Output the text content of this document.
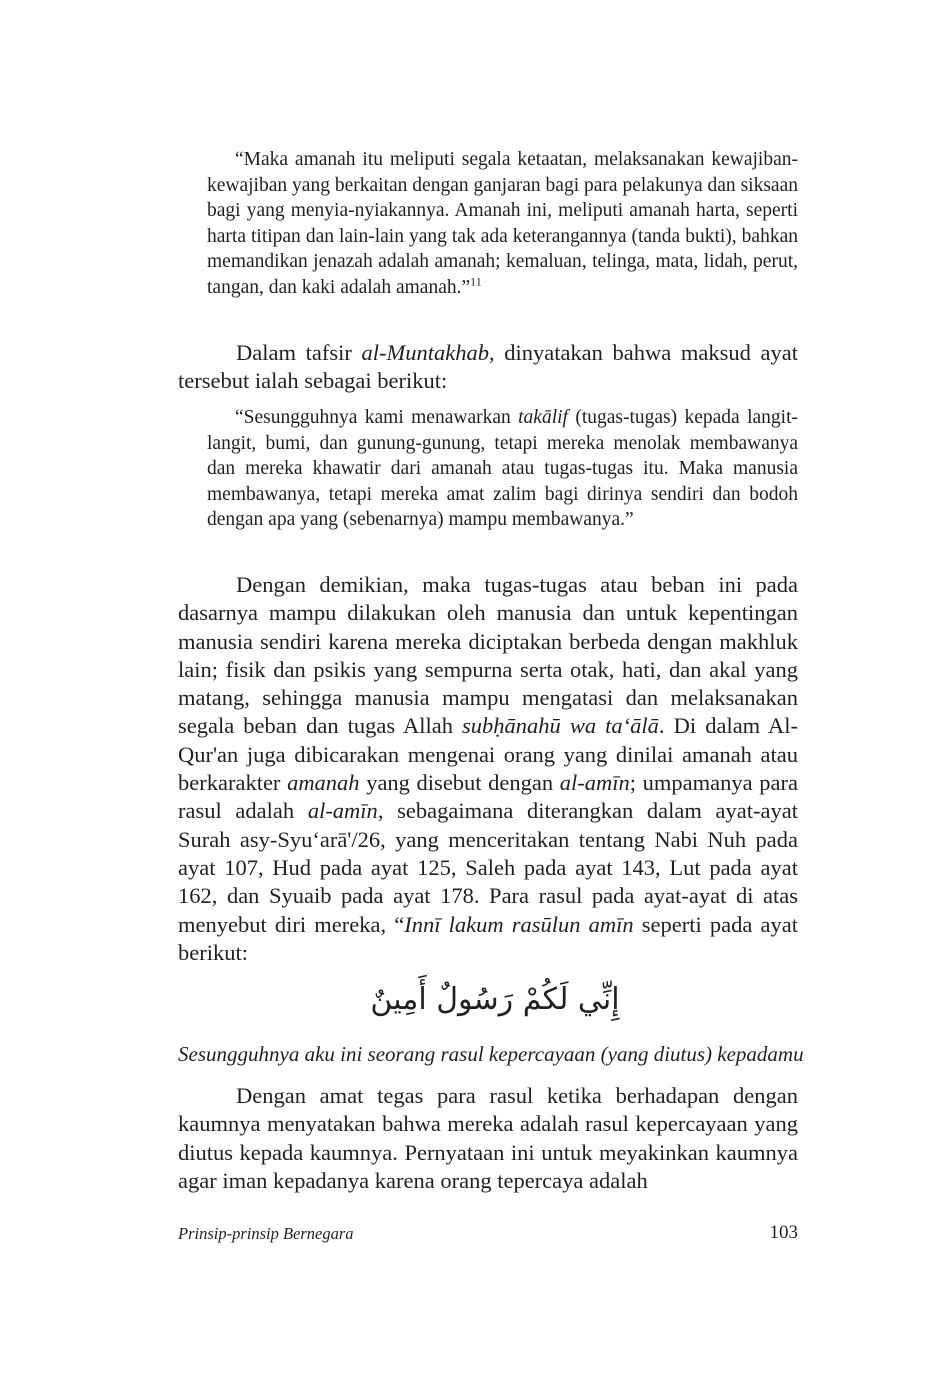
“Maka amanah itu meliputi segala ketaatan, melaksanakan kewajiban-kewajiban yang berkaitan dengan ganjaran bagi para pelakunya dan siksaan bagi yang menyia-nyiakannya. Amanah ini, meliputi amanah harta, seperti harta titipan dan lain-lain yang tak ada keterangannya (tanda bukti), bahkan memandikan jenazah adalah amanah; kemaluan, telinga, mata, lidah, perut, tangan, dan kaki adalah amanah.”$^{11}$

Dalam tafsir al-Muntakhab, dinyatakan bahwa maksud ayat tersebut ialah sebagai berikut:

“Sesungguhnya kami menawarkan takālif (tugas-tugas) kepada langit-langit, bumi, dan gunung-gunung, tetapi mereka menolak membawanya dan mereka khawatir dari amanah atau tugas-tugas itu. Maka manusia membawanya, tetapi mereka amat zalim bagi dirinya sendiri dan bodoh dengan apa yang (sebenarnya) mampu membawanya.”

Dengan demikian, maka tugas-tugas atau beban ini pada dasarnya mampu dilakukan oleh manusia dan untuk kepentingan manusia sendiri karena mereka diciptakan berbeda dengan makhluk lain; fisik dan psikis yang sempurna serta otak, hati, dan akal yang matang, sehingga manusia mampu mengatasi dan melaksanakan segala beban dan tugas Allah subḥānahū wa ta‘ālā. Di dalam Al-Qur'an juga dibicarakan mengenai orang yang dinilai amanah atau berkarakter amanah yang disebut dengan al-amīn; umpamanya para rasul adalah al-amīn, sebagaimana diterangkan dalam ayat-ayat Surah asy-Syu‘arā'/26, yang menceritakan tentang Nabi Nuh pada ayat 107, Hud pada ayat 125, Saleh pada ayat 143, Lut pada ayat 162, dan Syuaib pada ayat 178. Para rasul pada ayat-ayat di atas menyebut diri mereka, “Innī lakum rasūlun amīn seperti pada ayat berikut:

إِنِّي لَكُمْ رَسُولٌ أَمِينٌ

Sesungguhnya aku ini seorang rasul kepercayaan (yang diutus) kepadamu

Dengan amat tegas para rasul ketika berhadapan dengan kaumnya menyatakan bahwa mereka adalah rasul kepercayaan yang diutus kepada kaumnya. Pernyataan ini untuk meyakinkan kaumnya agar iman kepadanya karena orang tepercaya adalah

Prinsip-prinsip Bernegara	103
